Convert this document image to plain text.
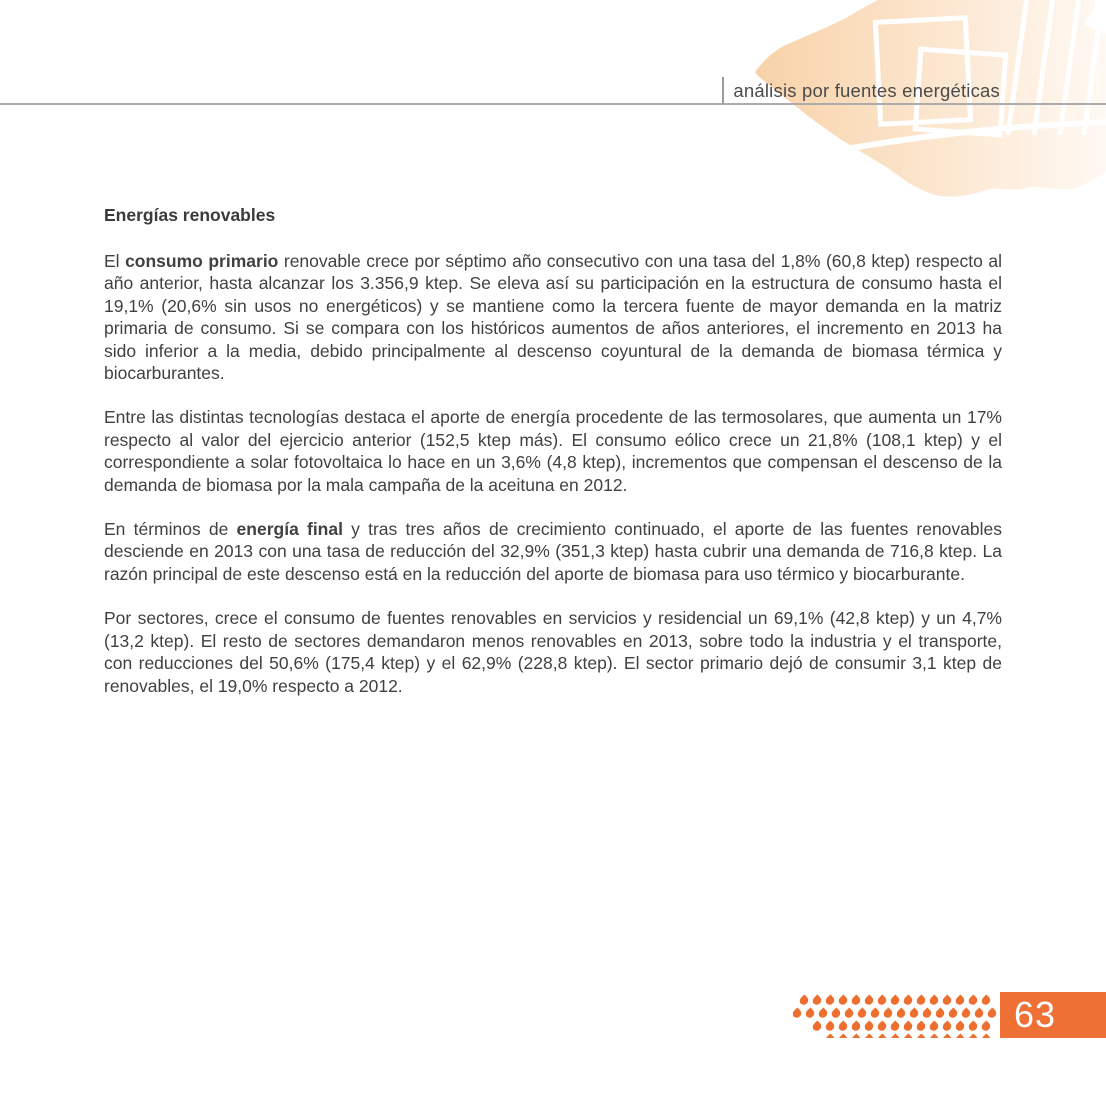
análisis por fuentes energéticas
Energías renovables

El consumo primario renovable crece por séptimo año consecutivo con una tasa del 1,8% (60,8 ktep) respecto al año anterior, hasta alcanzar los 3.356,9 ktep. Se eleva así su participación en la estructura de consumo hasta el 19,1% (20,6% sin usos no energéticos) y se mantiene como la tercera fuente de mayor demanda en la matriz primaria de consumo. Si se compara con los históricos aumentos de años anteriores, el incremento en 2013 ha sido inferior a la media, debido principalmente al descenso coyuntural de la demanda de biomasa térmica y biocarburantes.

Entre las distintas tecnologías destaca el aporte de energía procedente de las termosolares, que aumenta un 17% respecto al valor del ejercicio anterior (152,5 ktep más). El consumo eólico crece un 21,8% (108,1 ktep) y el correspondiente a solar fotovoltaica lo hace en un 3,6% (4,8 ktep), incrementos que compensan el descenso de la demanda de biomasa por la mala campaña de la aceituna en 2012.

En términos de energía final y tras tres años de crecimiento continuado, el aporte de las fuentes renovables desciende en 2013 con una tasa de reducción del 32,9% (351,3 ktep) hasta cubrir una demanda de 716,8 ktep. La razón principal de este descenso está en la reducción del aporte de biomasa para uso térmico y biocarburante.

Por sectores, crece el consumo de fuentes renovables en servicios y residencial un 69,1% (42,8 ktep) y un 4,7% (13,2 ktep). El resto de sectores demandaron menos renovables en 2013, sobre todo la industria y el transporte, con reducciones del 50,6% (175,4 ktep) y el 62,9% (228,8 ktep). El sector primario dejó de consumir 3,1 ktep de renovables, el 19,0% respecto a 2012.

63
